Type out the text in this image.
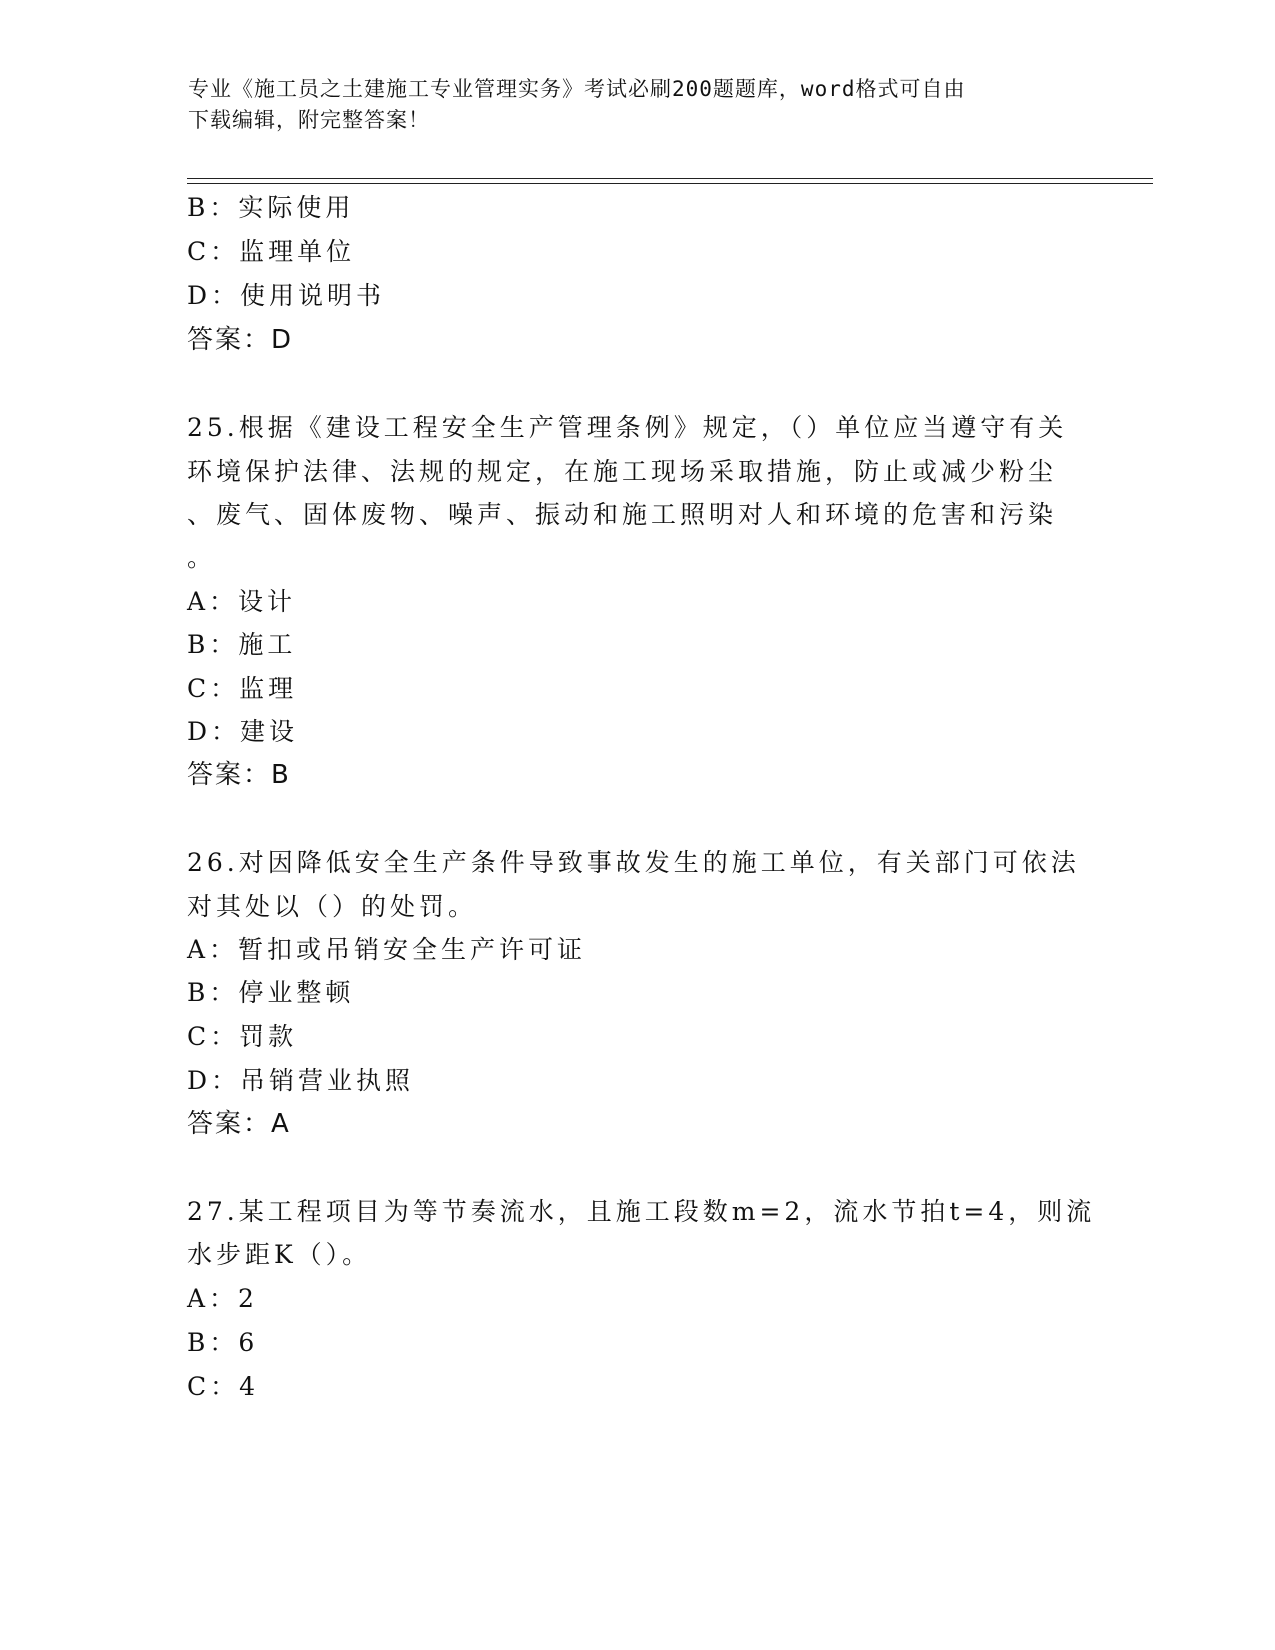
专业《施工员之土建施工专业管理实务》考试必刷200题题库，word格式可自由
下载编辑，附完整答案！
B：实际使用
C：监理单位
D：使用说明书
答案：D
25.根据《建设工程安全生产管理条例》规定，（）单位应当遵守有关
环境保护法律、法规的规定，在施工现场采取措施，防止或减少粉尘
、废气、固体废物、噪声、振动和施工照明对人和环境的危害和污染
。
A：设计
B：施工
C：监理
D：建设
答案：B
26.对因降低安全生产条件导致事故发生的施工单位，有关部门可依法
对其处以（）的处罚。
A：暂扣或吊销安全生产许可证
B：停业整顿
C：罚款
D：吊销营业执照
答案：A
27.某工程项目为等节奏流水，且施工段数m=2，流水节拍t=4，则流
水步距K（）。
A：2
B：6
C：4
